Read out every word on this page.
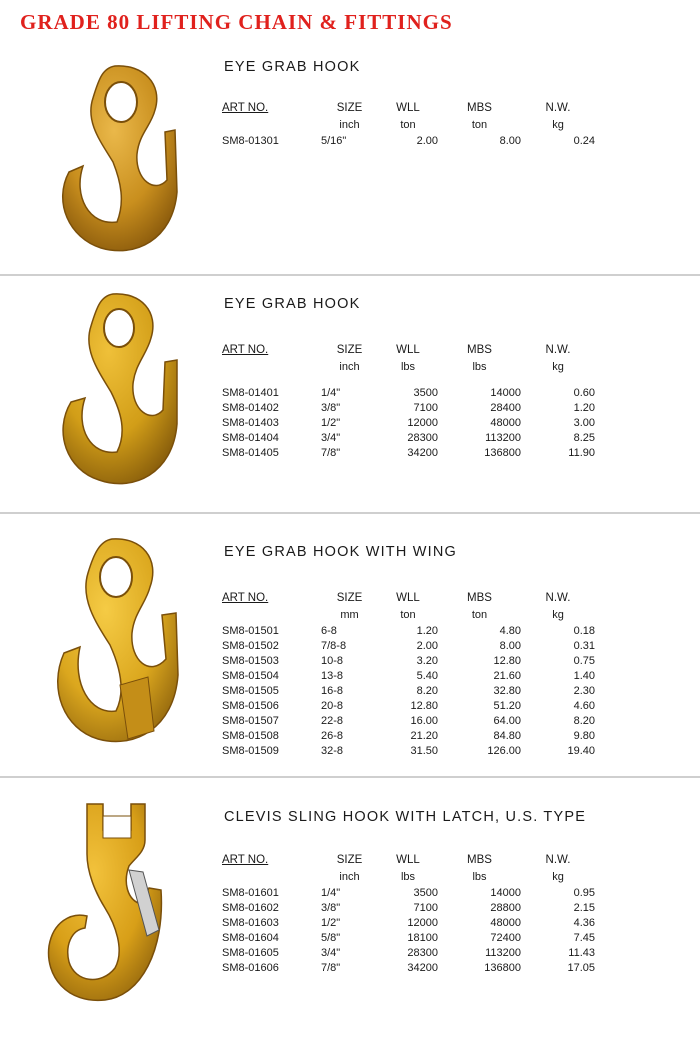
GRADE 80 LIFTING CHAIN & FITTINGS
EYE GRAB HOOK
ART NO.	SIZE	WLL	MBS	N.W.
	inch	ton	ton	kg
SM8-01301	5/16"	2.00	8.00	0.24
EYE GRAB HOOK
ART NO.	SIZE	WLL	MBS	N.W.
	inch	lbs	lbs	kg

SM8-01401	1/4"	3500	14000	0.60
SM8-01402	3/8"	7100	28400	1.20
SM8-01403	1/2"	12000	48000	3.00
SM8-01404	3/4"	28300	113200	8.25
SM8-01405	7/8"	34200	136800	11.90
EYE GRAB HOOK WITH WING
ART NO.	SIZE	WLL	MBS	N.W.
	mm	ton	ton	kg
SM8-01501	6-8	1.20	4.80	0.18
SM8-01502	7/8-8	2.00	8.00	0.31
SM8-01503	10-8	3.20	12.80	0.75
SM8-01504	13-8	5.40	21.60	1.40
SM8-01505	16-8	8.20	32.80	2.30
SM8-01506	20-8	12.80	51.20	4.60
SM8-01507	22-8	16.00	64.00	8.20
SM8-01508	26-8	21.20	84.80	9.80
SM8-01509	32-8	31.50	126.00	19.40
CLEVIS SLING HOOK WITH LATCH, U.S. TYPE
ART NO.	SIZE	WLL	MBS	N.W.
	inch	lbs	lbs	kg
SM8-01601	1/4"	3500	14000	0.95
SM8-01602	3/8"	7100	28800	2.15
SM8-01603	1/2"	12000	48000	4.36
SM8-01604	5/8"	18100	72400	7.45
SM8-01605	3/4"	28300	113200	11.43
SM8-01606	7/8"	34200	136800	17.05
